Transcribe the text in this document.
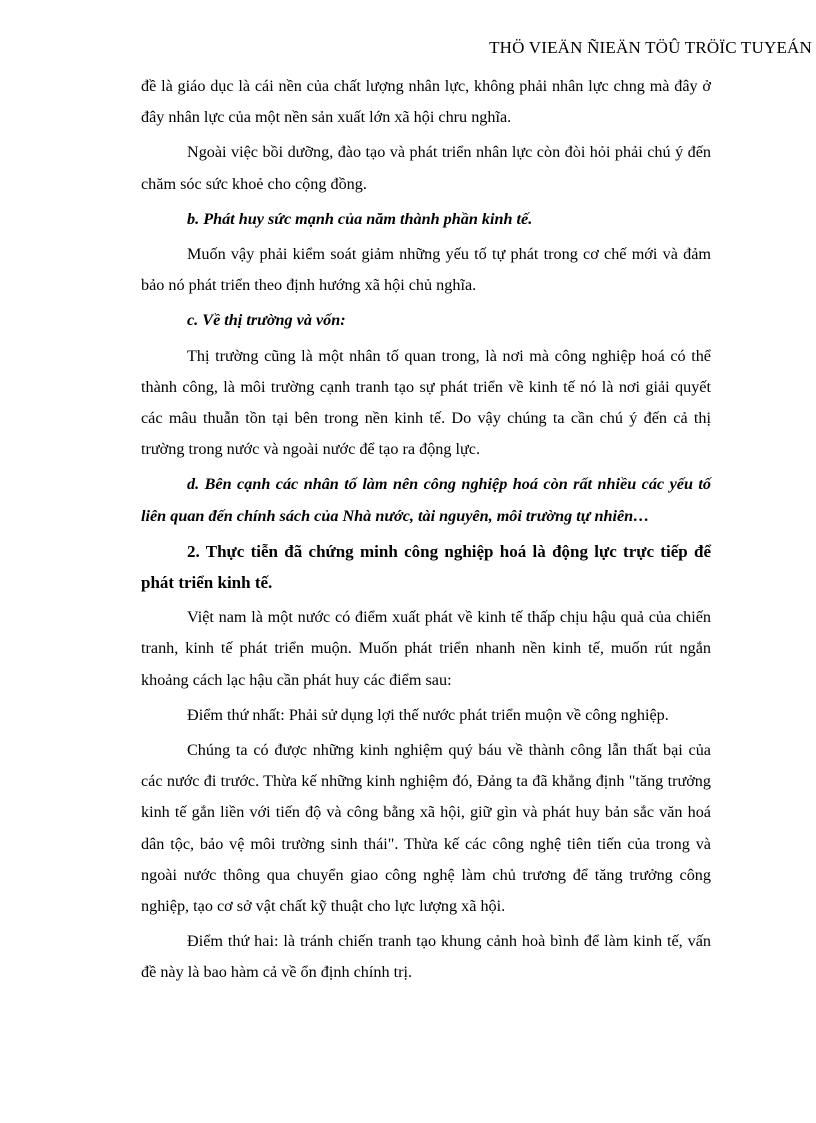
THÖ VIEÄN ÑIEÄN TÖÛ TRÖÏC TUYEÁN

đề là giáo dục là cái nền của chất lượng nhân lực, không phải nhân lực chng mà đây ở đây nhân lực của một nền sản xuất lớn xã hội chru nghĩa.

Ngoài việc bồi dưỡng, đào tạo và phát triển nhân lực còn đòi hỏi phải chú ý đến chăm sóc sức khoẻ cho cộng đồng.

b. Phát huy sức mạnh của năm thành phần kinh tế.

Muốn vậy phải kiểm soát giảm những yếu tố tự phát trong cơ chế mới và đảm bảo nó phát triển theo định hướng xã hội chủ nghĩa.

c. Về thị trường và vốn:

Thị trường cũng là một nhân tố quan trong, là nơi mà công nghiệp hoá có thể thành công, là môi trường cạnh tranh tạo sự phát triển về kinh tế nó là nơi giải quyết các mâu thuẫn tồn tại bên trong nền kinh tế. Do vậy chúng ta cần chú ý đến cả thị trường trong nước và ngoài nước để tạo ra động lực.

d. Bên cạnh các nhân tố làm nên công nghiệp hoá còn rất nhiều các yếu tố liên quan đến chính sách của Nhà nước, tài nguyên, môi trường tự nhiên…

2. Thực tiễn đã chứng minh công nghiệp hoá là động lực trực tiếp để phát triển kinh tế.

Việt nam là một nước có điểm xuất phát về kinh tế thấp chịu hậu quả của chiến tranh, kinh tế phát triển muộn. Muốn phát triển nhanh nền kinh tế, muốn rút ngắn khoảng cách lạc hậu cần phát huy các điểm sau:

Điểm thứ nhất: Phải sử dụng lợi thế nước phát triển muộn về công nghiệp.

Chúng ta có được những kinh nghiệm quý báu về thành công lẫn thất bại của các nước đi trước. Thừa kế những kinh nghiệm đó, Đảng ta đã khẳng định "tăng trưởng kinh tế gắn liền với tiến độ và công bằng xã hội, giữ gìn và phát huy bản sắc văn hoá dân tộc, bảo vệ môi trường sinh thái". Thừa kế các công nghệ tiên tiến của trong và ngoài nước thông qua chuyển giao công nghệ làm chủ trương để tăng trưởng công nghiệp, tạo cơ sở vật chất kỹ thuật cho lực lượng xã hội.

Điểm thứ hai: là tránh chiến tranh tạo khung cảnh hoà bình để làm kinh tế, vấn đề này là bao hàm cả về ổn định chính trị.
